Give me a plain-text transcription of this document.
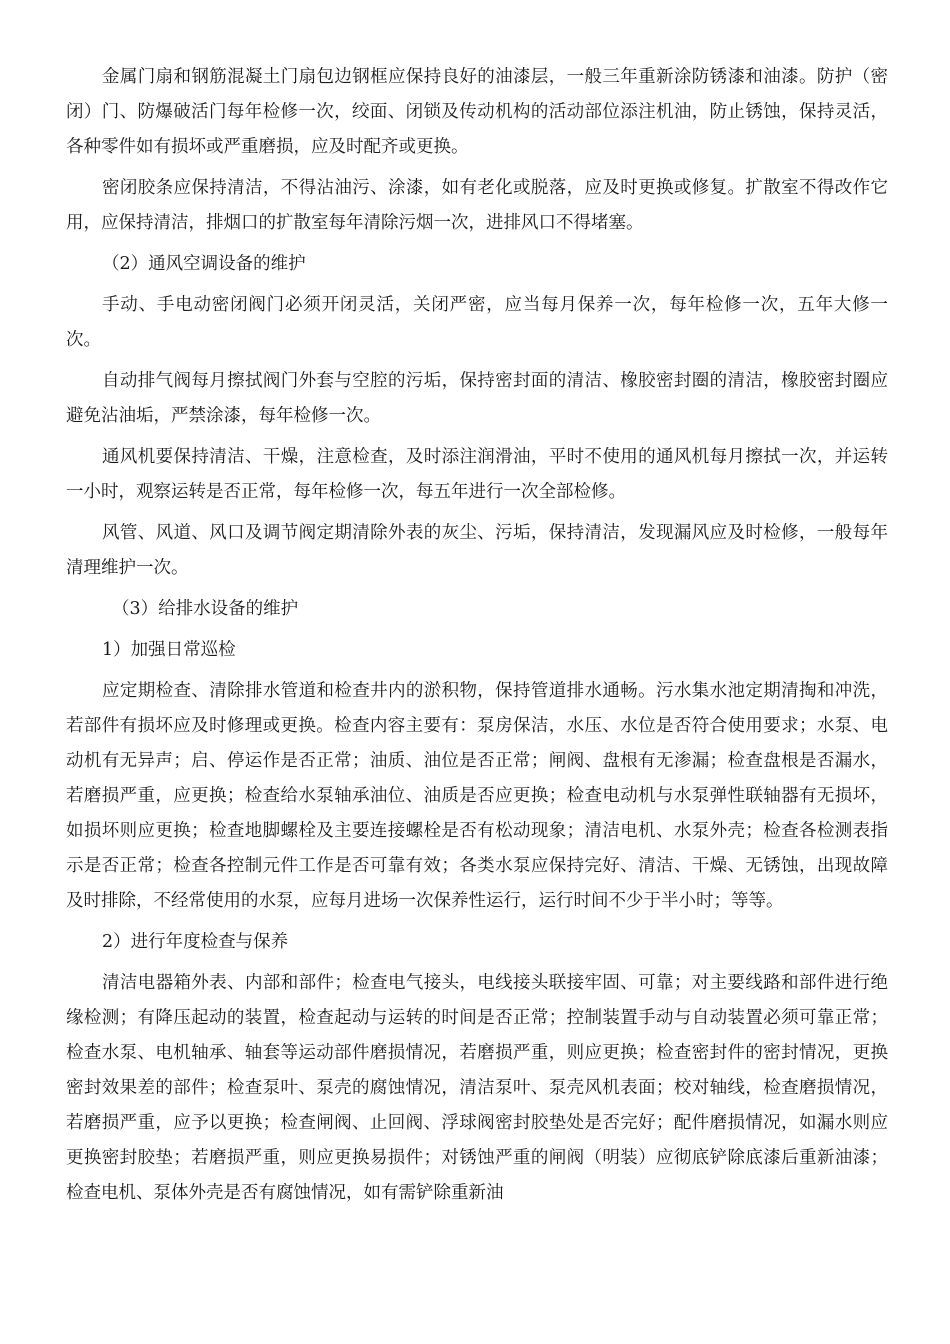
金属门扇和钢筋混凝土门扇包边钢框应保持良好的油漆层，一般三年重新涂防锈漆和油漆。防护（密闭）门、防爆破活门每年检修一次，绞面、闭锁及传动机构的活动部位添注机油，防止锈蚀，保持灵活，各种零件如有损坏或严重磨损，应及时配齐或更换。

密闭胶条应保持清洁，不得沾油污、涂漆，如有老化或脱落，应及时更换或修复。扩散室不得改作它用，应保持清洁，排烟口的扩散室每年清除污烟一次，进排风口不得堵塞。

（2）通风空调设备的维护

手动、手电动密闭阀门必须开闭灵活，关闭严密，应当每月保养一次，每年检修一次，五年大修一次。

自动排气阀每月擦拭阀门外套与空腔的污垢，保持密封面的清洁、橡胶密封圈的清洁，橡胶密封圈应避免沾油垢，严禁涂漆，每年检修一次。

通风机要保持清洁、干燥，注意检查，及时添注润滑油，平时不使用的通风机每月擦拭一次，并运转一小时，观察运转是否正常，每年检修一次，每五年进行一次全部检修。

风管、风道、风口及调节阀定期清除外表的灰尘、污垢，保持清洁，发现漏风应及时检修，一般每年清理维护一次。

（3）给排水设备的维护

1）加强日常巡检

应定期检查、清除排水管道和检查井内的淤积物，保持管道排水通畅。污水集水池定期清掏和冲洗，若部件有损坏应及时修理或更换。检查内容主要有：泵房保洁，水压、水位是否符合使用要求；水泵、电动机有无异声；启、停运作是否正常；油质、油位是否正常；闸阀、盘根有无渗漏；检查盘根是否漏水，若磨损严重，应更换；检查给水泵轴承油位、油质是否应更换；检查电动机与水泵弹性联轴器有无损坏，如损坏则应更换；检查地脚螺栓及主要连接螺栓是否有松动现象；清洁电机、水泵外壳；检查各检测表指示是否正常；检查各控制元件工作是否可靠有效；各类水泵应保持完好、清洁、干燥、无锈蚀，出现故障及时排除，不经常使用的水泵，应每月进场一次保养性运行，运行时间不少于半小时；等等。

2）进行年度检查与保养

清洁电器箱外表、内部和部件；检查电气接头，电线接头联接牢固、可靠；对主要线路和部件进行绝缘检测；有降压起动的装置，检查起动与运转的时间是否正常；控制装置手动与自动装置必须可靠正常；检查水泵、电机轴承、轴套等运动部件磨损情况，若磨损严重，则应更换；检查密封件的密封情况，更换密封效果差的部件；检查泵叶、泵壳的腐蚀情况，清洁泵叶、泵壳风机表面；校对轴线，检查磨损情况，若磨损严重，应予以更换；检查闸阀、止回阀、浮球阀密封胶垫处是否完好；配件磨损情况，如漏水则应更换密封胶垫；若磨损严重，则应更换易损件；对锈蚀严重的闸阀（明装）应彻底铲除底漆后重新油漆；检查电机、泵体外壳是否有腐蚀情况，如有需铲除重新油
